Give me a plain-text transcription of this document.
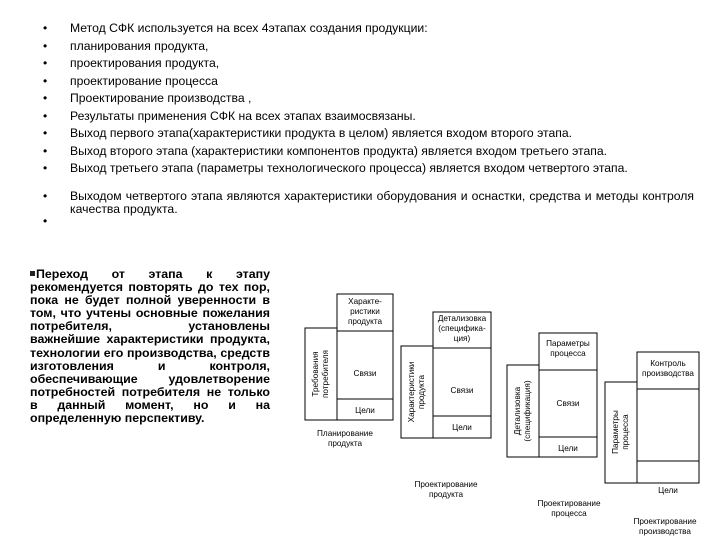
• Метод СФК используется на всех 4этапах создания продукции:
• планирования продукта,
• проектирования продукта,
• проектирование процесса
• Проектирование производства ,
• Результаты применения СФК на всех этапах взаимосвязаны.
• Выход первого этапа(характеристики продукта в целом) является входом второго этапа.
• Выход второго этапа (характеристики компонентов продукта) является входом третьего этапа.
• Выход третьего этапа (параметры технологического процесса) является входом четвертого этапа.
• Выходом четвертого этапа являются характеристики оборудования и оснастки, средства и методы контроля качества продукта.
Переход от этапа к этапу рекомендуется повторять до тех пор, пока не будет полной уверенности в том, что учтены основные пожелания потребителя, установлены важнейшие характеристики продукта, технологии его производства, средств изготовления и контроля, обеспечивающие удовлетворение потребностей потребителя не только в данный момент, но и на определенную перспективу.
Характе-
ристики
продукта
Связи
Цели
Планирование
продукта
Требования потребителя
Детализовка
(специфика-
ция)
Связи
Цели
Проектирование
продукта
Характеристики продукта
Параметры
процесса
Связи
Цели
Проектирование
процесса
Детализовка (спецификация)
Контроль
производства
Цели
Проектирование
производства
Параметры процесса
